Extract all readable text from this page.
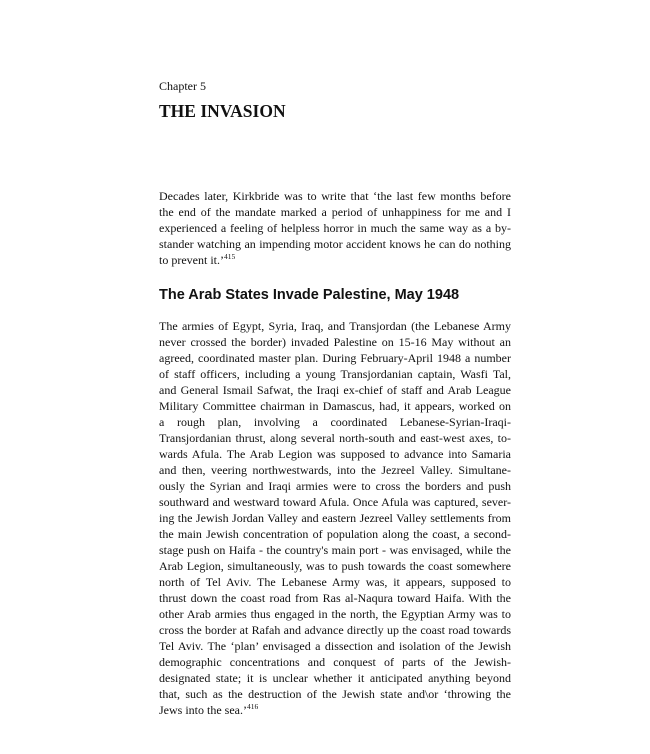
Chapter 5
THE INVASION
Decades later, Kirkbride was to write that ‘the last few months before
the end of the mandate marked a period of unhappiness for me and I
experienced a feeling of helpless horror in much the same way as a by-
stander watching an impending motor accident knows he can do nothing
to prevent it.’$^{415}$
The Arab States Invade Palestine, May 1948
The armies of Egypt, Syria, Iraq, and Transjordan (the Lebanese Army
never crossed the border) invaded Palestine on 15-16 May without an
agreed, coordinated master plan. During February-April 1948 a number
of staff officers, including a young Transjordanian captain, Wasfi Tal,
and General Ismail Safwat, the Iraqi ex-chief of staff and Arab League
Military Committee chairman in Damascus, had, it appears, worked on
a rough plan, involving a coordinated Lebanese-Syrian-Iraqi-
Transjordanian thrust, along several north-south and east-west axes, to-
wards Afula. The Arab Legion was supposed to advance into Samaria
and then, veering northwestwards, into the Jezreel Valley. Simultane-
ously the Syrian and Iraqi armies were to cross the borders and push
southward and westward toward Afula. Once Afula was captured, sever-
ing the Jewish Jordan Valley and eastern Jezreel Valley settlements from
the main Jewish concentration of population along the coast, a second-
stage push on Haifa - the country's main port - was envisaged, while the
Arab Legion, simultaneously, was to push towards the coast somewhere
north of Tel Aviv. The Lebanese Army was, it appears, supposed to
thrust down the coast road from Ras al-Naqura toward Haifa. With the
other Arab armies thus engaged in the north, the Egyptian Army was to
cross the border at Rafah and advance directly up the coast road towards
Tel Aviv. The ‘plan’ envisaged a dissection and isolation of the Jewish
demographic concentrations and conquest of parts of the Jewish-
designated state; it is unclear whether it anticipated anything beyond
that, such as the destruction of the Jewish state and\or ‘throwing the
Jews into the sea.’$^{416}$
